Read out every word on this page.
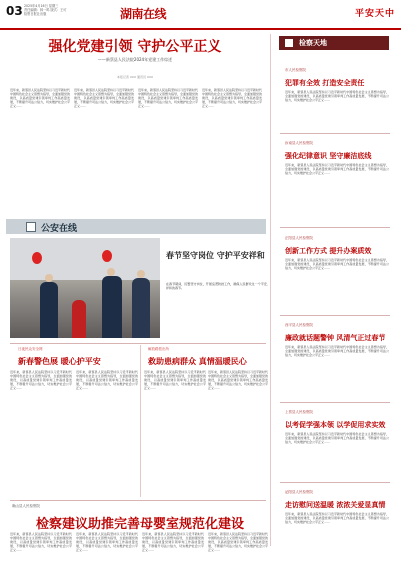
03 2025年4月16日 星期三
责任编辑：林一鸣 版式：王可
检察日报社出版	湖南在线	平安天中
强化党建引领 守护公平正义
——新蔡县人民法院2024年党建工作综述
本报记者 XXX 通讯员 XXX
近年来，新蔡县人民法院坚持以习近平新时代中国特色社会主义思想为指导，全面加强党的建设，以高质量党建引领审判工作高质量发展，不断提升司法公信力，切实维护社会公平正义……
近年来，新蔡县人民法院坚持以习近平新时代中国特色社会主义思想为指导，全面加强党的建设，以高质量党建引领审判工作高质量发展，不断提升司法公信力，切实维护社会公平正义……
近年来，新蔡县人民法院坚持以习近平新时代中国特色社会主义思想为指导，全面加强党的建设，以高质量党建引领审判工作高质量发展，不断提升司法公信力，切实维护社会公平正义……
近年来，新蔡县人民法院坚持以习近平新时代中国特色社会主义思想为指导，全面加强党的建设，以高质量党建引领审判工作高质量发展，不断提升司法公信力，切实维护社会公平正义……
检察天地
市人民检察院
犯罪有全效 打造安全责任
近年来，新蔡县人民法院坚持以习近平新时代中国特色社会主义思想为指导，全面加强党的建设，以高质量党建引领审判工作高质量发展，不断提升司法公信力，切实维护社会公平正义……
汝南县人民检察院
强化纪律意识 坚守廉洁底线
近年来，新蔡县人民法院坚持以习近平新时代中国特色社会主义思想为指导，全面加强党的建设，以高质量党建引领审判工作高质量发展，不断提升司法公信力，切实维护社会公平正义……
正阳县人民检察院
创新工作方式 提升办案质效
近年来，新蔡县人民法院坚持以习近平新时代中国特色社会主义思想为指导，全面加强党的建设，以高质量党建引领审判工作高质量发展，不断提升司法公信力，切实维护社会公平正义……
西平县人民检察院
廉政就话题警钟 风清气正过春节
近年来，新蔡县人民法院坚持以习近平新时代中国特色社会主义思想为指导，全面加强党的建设，以高质量党建引领审判工作高质量发展，不断提升司法公信力，切实维护社会公平正义……
上蔡县人民检察院
以考促学强本领 以学促用求实效
近年来，新蔡县人民法院坚持以习近平新时代中国特色社会主义思想为指导，全面加强党的建设，以高质量党建引领审判工作高质量发展，不断提升司法公信力，切实维护社会公平正义……
泌阳县人民检察院
走访慰问送温暖 浓浓关爱显真情
近年来，新蔡县人民法院坚持以习近平新时代中国特色社会主义思想为指导，全面加强党的建设，以高质量党建引领审判工作高质量发展，不断提升司法公信力，切实维护社会公平正义……
公安在线
春节坚守岗位 守护平安祥和
在春节期间，民警坚守岗位，开展巡逻防控工作，确保人民群众过一个平安、祥和的春节。
日夜民众安全网
新春警色展 暖心护平安
近年来，新蔡县人民法院坚持以习近平新时代中国特色社会主义思想为指导，全面加强党的建设，以高质量党建引领审判工作高质量发展，不断提升司法公信力，切实维护社会公平正义……
近年来，新蔡县人民法院坚持以习近平新时代中国特色社会主义思想为指导，全面加强党的建设，以高质量党建引领审判工作高质量发展，不断提升司法公信力，切实维护社会公平正义……
解放路派出所
救助患病群众 真情温暖民心
近年来，新蔡县人民法院坚持以习近平新时代中国特色社会主义思想为指导，全面加强党的建设，以高质量党建引领审判工作高质量发展，不断提升司法公信力，切实维护社会公平正义……
近年来，新蔡县人民法院坚持以习近平新时代中国特色社会主义思想为指导，全面加强党的建设，以高质量党建引领审判工作高质量发展，不断提升司法公信力，切实维护社会公平正义……
确山县人民检察院
检察建议助推完善母婴室规范化建设
近年来，新蔡县人民法院坚持以习近平新时代中国特色社会主义思想为指导，全面加强党的建设，以高质量党建引领审判工作高质量发展，不断提升司法公信力，切实维护社会公平正义……
近年来，新蔡县人民法院坚持以习近平新时代中国特色社会主义思想为指导，全面加强党的建设，以高质量党建引领审判工作高质量发展，不断提升司法公信力，切实维护社会公平正义……
近年来，新蔡县人民法院坚持以习近平新时代中国特色社会主义思想为指导，全面加强党的建设，以高质量党建引领审判工作高质量发展，不断提升司法公信力，切实维护社会公平正义……
近年来，新蔡县人民法院坚持以习近平新时代中国特色社会主义思想为指导，全面加强党的建设，以高质量党建引领审判工作高质量发展，不断提升司法公信力，切实维护社会公平正义……
